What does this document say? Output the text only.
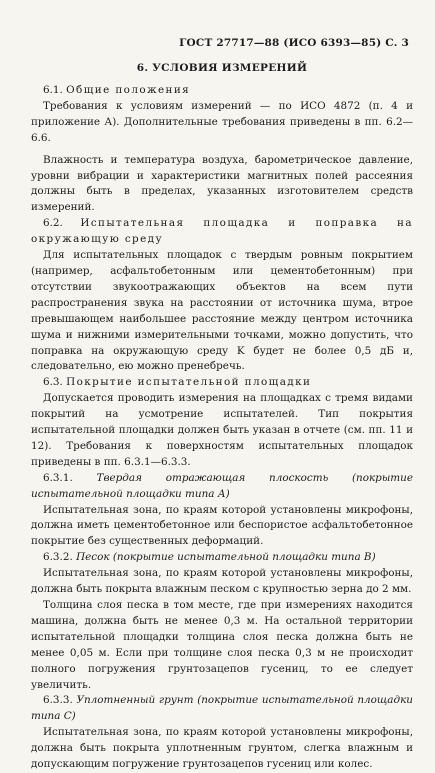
ГОСТ 27717—88 (ИСО 6393—85) С. 3
6. УСЛОВИЯ ИЗМЕРЕНИЙ

6.1. Общие положения

Требования к условиям измерений — по ИСО 4872 (п. 4 и приложение А). Дополнительные требования приведены в пп. 6.2—6.6.

Влажность и температура воздуха, барометрическое давление, уровни вибрации и характеристики магнитных полей рассеяния должны быть в пределах, указанных изготовителем средств измерений.

6.2. Испытательная площадка и поправка на окружающую среду

Для испытательных площадок с твердым ровным покрытием (например, асфальтобетонным или цементобетонным) при отсутствии звукоотражающих объектов на всем пути распространения звука на расстоянии от источника шума, втрое превышающем наибольшее расстояние между центром источника шума и нижними измерительными точками, можно допустить, что поправка на окружающую среду K будет не более 0,5 дБ и, следовательно, ею можно пренебречь.

6.3. Покрытие испытательной площадки

Допускается проводить измерения на площадках с тремя видами покрытий на усмотрение испытателей. Тип покрытия испытательной площадки должен быть указан в отчете (см. пп. 11 и 12). Требования к поверхностям испытательных площадок приведены в пп. 6.3.1—6.3.3.

6.3.1. Твердая отражающая плоскость (покрытие испытательной площадки типа А)

Испытательная зона, по краям которой установлены микрофоны, должна иметь цементобетонное или беспористое асфальтобетонное покрытие без существенных деформаций.

6.3.2. Песок (покрытие испытательной площадки типа В)

Испытательная зона, по краям которой установлены микрофоны, должна быть покрыта влажным песком с крупностью зерна до 2 мм.

Толщина слоя песка в том месте, где при измерениях находится машина, должна быть не менее 0,3 м. На остальной территории испытательной площадки толщина слоя песка должна быть не менее 0,05 м. Если при толщине слоя песка 0,3 м не происходит полного погружения грунтозацепов гусениц, то ее следует увеличить.

6.3.3. Уплотненный грунт (покрытие испытательной площадки типа С)

Испытательная зона, по краям которой установлены микрофоны, должна быть покрыта уплотненным грунтом, слегка влажным и допускающим погружение грунтозацепов гусениц или колес.
